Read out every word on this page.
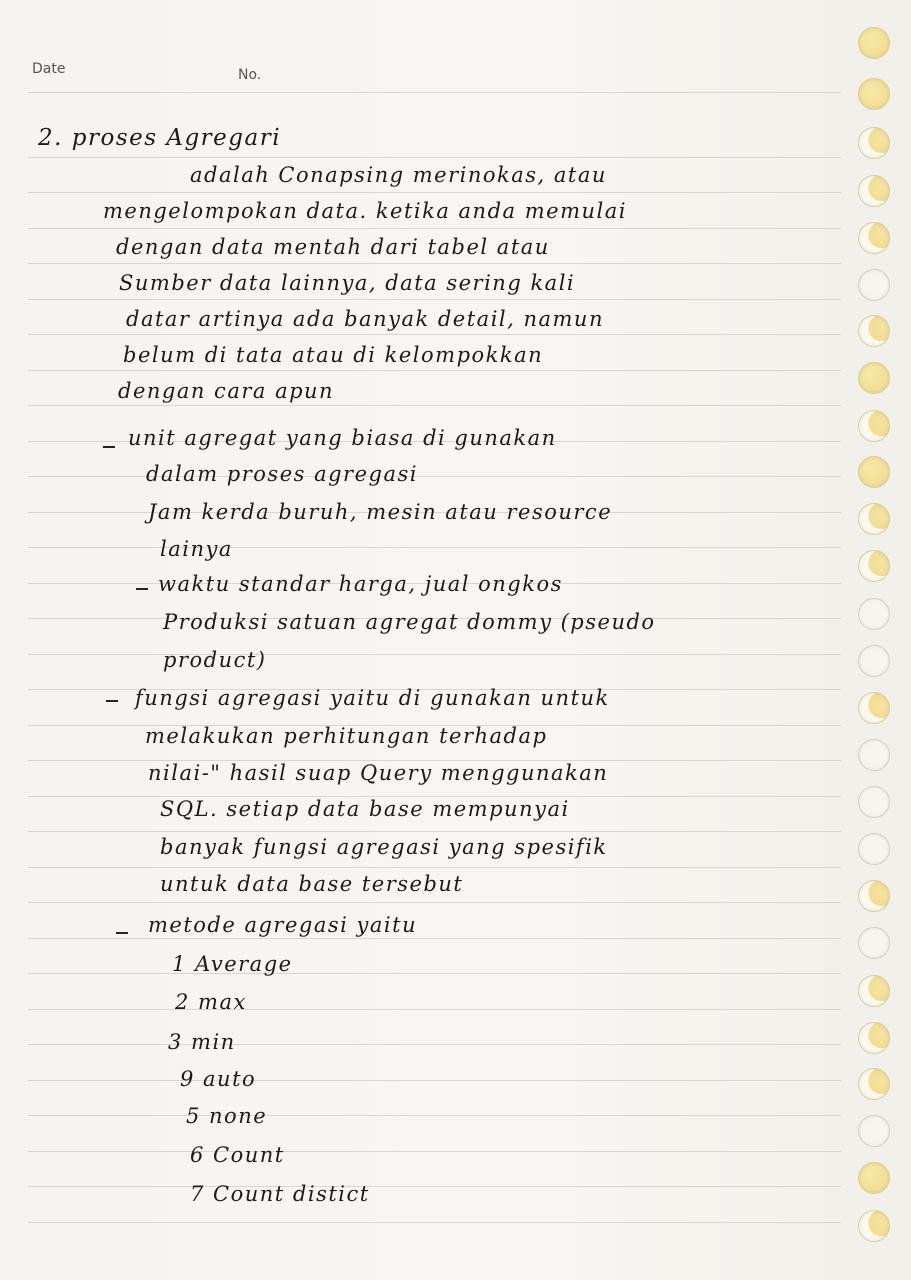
Date	No.
2. proses Agregari
adalah Conapsing merinokas, atau
mengelompokan data. ketika anda memulai
dengan data mentah dari tabel atau
Sumber data lainnya, data sering kali
datar artinya ada banyak detail, namun
belum di tata atau di kelompokkan
dengan cara apun
unit agregat yang biasa di gunakan
dalam proses agregasi
Jam kerda buruh, mesin atau resource
lainya
waktu standar harga, jual ongkos
Produksi satuan agregat dommy (pseudo
product)
fungsi agregasi yaitu di gunakan untuk
melakukan perhitungan terhadap
nilai-" hasil suap Query menggunakan
SQL. setiap data base mempunyai
banyak fungsi agregasi yang spesifik
untuk data base tersebut
metode agregasi yaitu
1 Average
2 max
3 min
9 auto
5 none
6 Count
7 Count distict
